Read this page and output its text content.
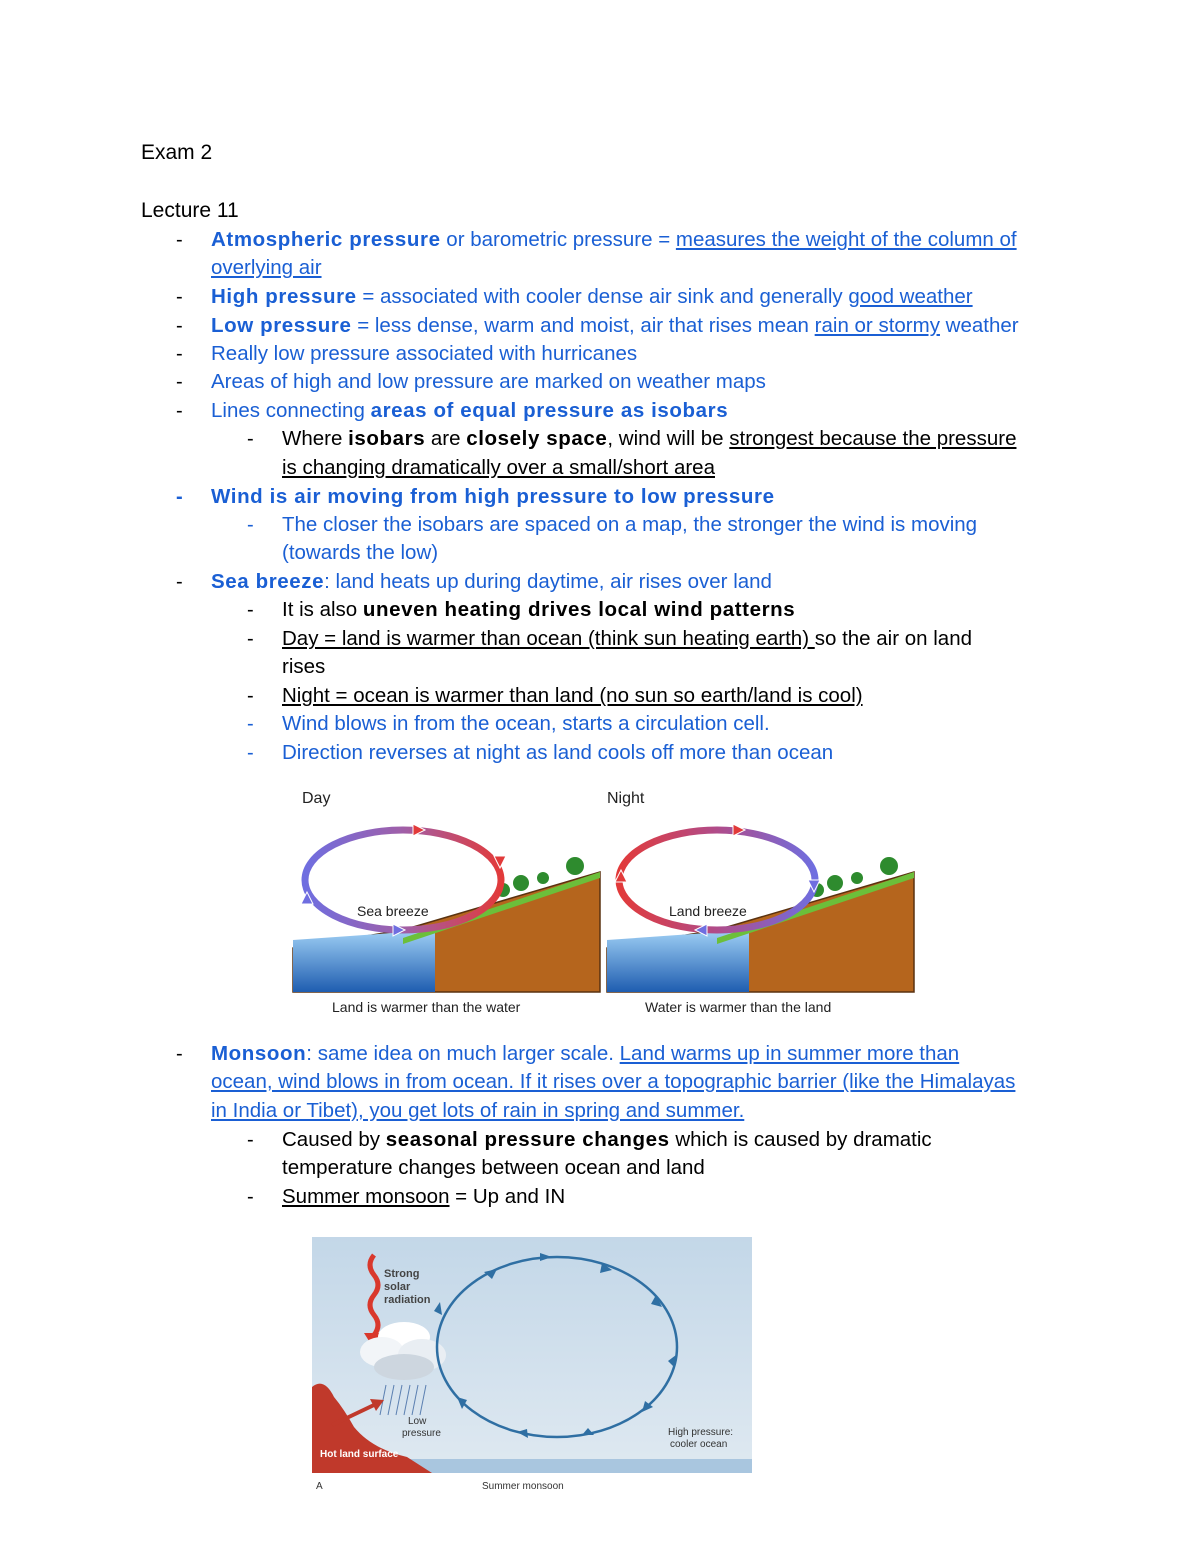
Exam 2
Lecture 11
- Atmospheric pressure or barometric pressure = measures the weight of the column of
overlying air
- High pressure = associated with cooler dense air sink and generally good weather
- Low pressure = less dense, warm and moist, air that rises mean rain or stormy weather
- Really low pressure associated with hurricanes
- Areas of high and low pressure are marked on weather maps
- Lines connecting areas of equal pressure as isobars
- Where isobars are closely space, wind will be strongest because the pressure
is changing dramatically over a small/short area
- Wind is air moving from high pressure to low pressure
- The closer the isobars are spaced on a map, the stronger the wind is moving
(towards the low)
- Sea breeze: land heats up during daytime, air rises over land
- It is also uneven heating drives local wind patterns
- Day = land is warmer than ocean (think sun heating earth) so the air on land
rises
- Night = ocean is warmer than land (no sun so earth/land is cool)
- Wind blows in from the ocean, starts a circulation cell.
- Direction reverses at night as land cools off more than ocean
Day	Night
Sea breeze
Land is warmer than the water
Land breeze
Water is warmer than the land
- Monsoon: same idea on much larger scale. Land warms up in summer more than
ocean, wind blows in from ocean. If it rises over a topographic barrier (like the Himalayas
in India or Tibet), you get lots of rain in spring and summer.
- Caused by seasonal pressure changes which is caused by dramatic
temperature changes between ocean and land
- Summer monsoon = Up and IN
Hot land surface
Strong
solar
radiation
Low
pressure	High pressure:
cooler ocean
A	Summer monsoon
